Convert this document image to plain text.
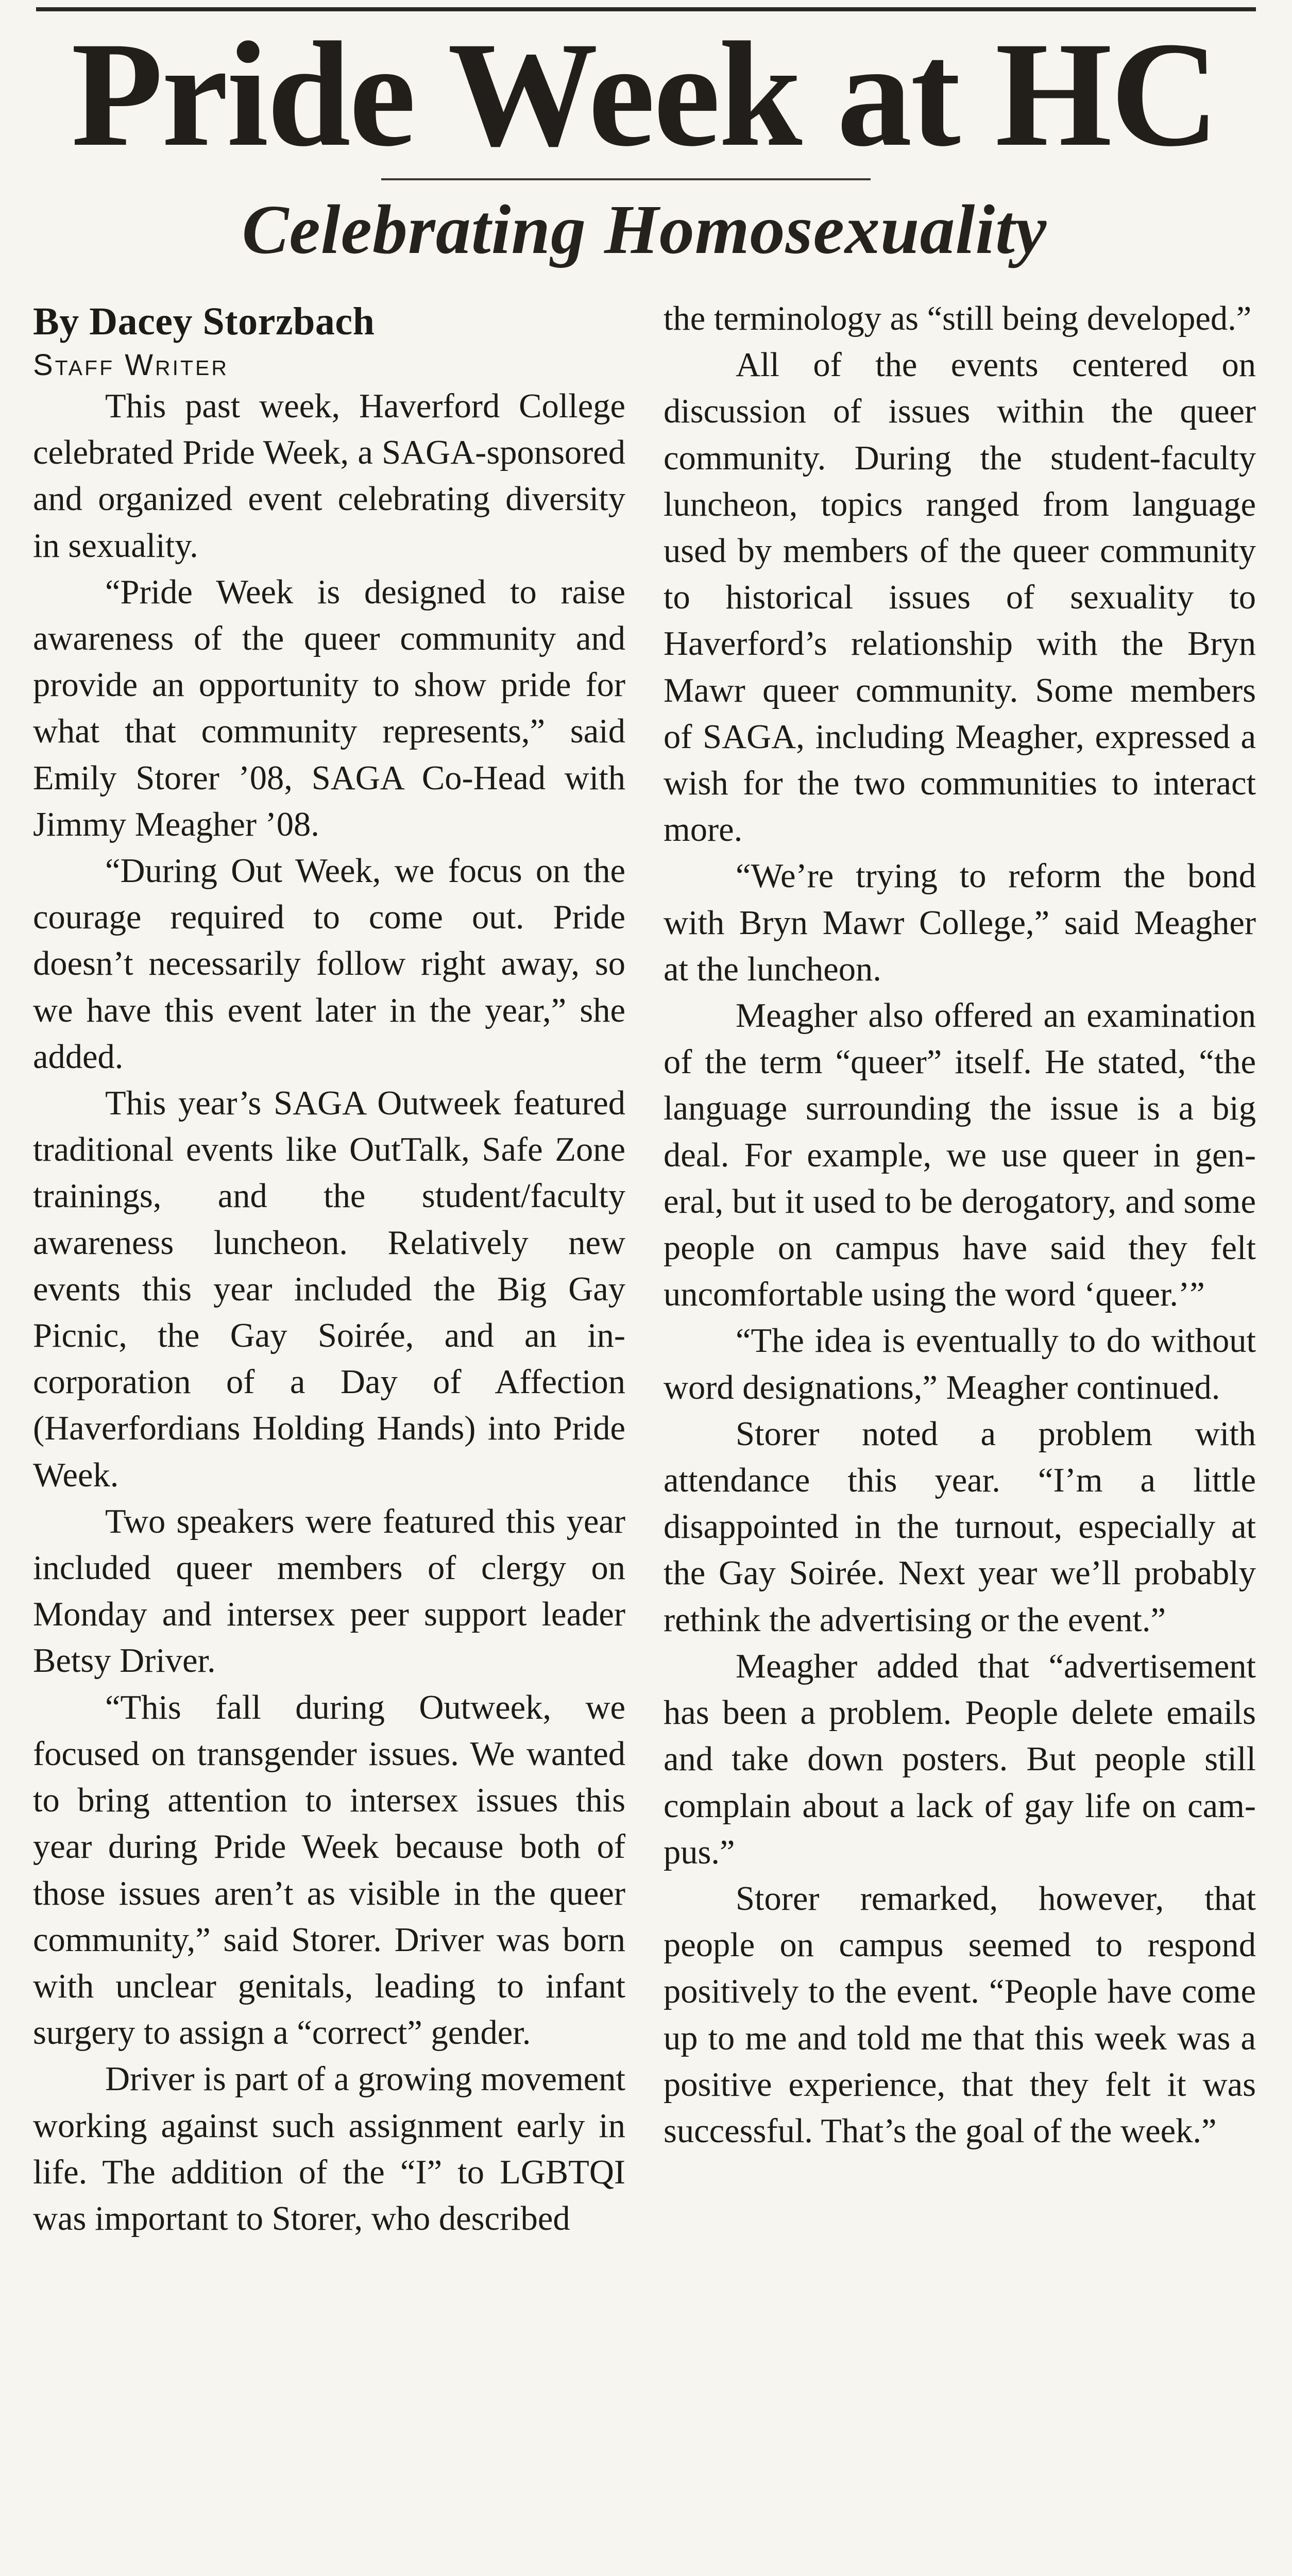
Pride Week at HC
Celebrating Homosexuality

By Dacey Storzbach

Staff Writer

This past week, Haverford College celebrated Pride Week, a SAGA-sponsored and organized event celebrating diversity in sexuality.

“Pride Week is designed to raise awareness of the queer community and provide an opportunity to show pride for what that community represents,” said Emily Storer ’08, SAGA Co-Head with Jimmy Meagher ’08.

“During Out Week, we focus on the courage required to come out. Pride doesn’t necessarily follow right away, so we have this event later in the year,” she added.

This year’s SAGA Outweek featured traditional events like OutTalk, Safe Zone trainings, and the student/faculty awareness luncheon. Relatively new events this year included the Big Gay Picnic, the Gay Soirée, and an incorporation of a Day of Affection (Haverfordians Holding Hands) into Pride Week.

Two speakers were featured this year included queer members of clergy on Monday and intersex peer support leader Betsy Driver.

“This fall during Outweek, we focused on transgender issues. We wanted to bring attention to intersex issues this year during Pride Week because both of those issues aren’t as visible in the queer community,” said Storer. Driver was born with unclear genitals, leading to infant surgery to assign a “correct” gender.

Driver is part of a growing movement working against such assignment early in life. The addition of the “I” to LGBTQI was important to Storer, who described

the terminology as “still being developed.”

All of the events centered on discussion of issues within the queer community. During the student-faculty luncheon, topics ranged from language used by members of the queer community to historical issues of sexuality to Haverford’s relationship with the Bryn Mawr queer community. Some members of SAGA, including Meagher, expressed a wish for the two communities to interact more.

“We’re trying to reform the bond with Bryn Mawr College,” said Meagher at the luncheon.

Meagher also offered an examination of the term “queer” itself. He stated, “the language surrounding the issue is a big deal. For example, we use queer in general, but it used to be derogatory, and some people on campus have said they felt uncomfortable using the word ‘queer.’”

“The idea is eventually to do without word designations,” Meagher continued.

Storer noted a problem with attendance this year. “I’m a little disappointed in the turnout, especially at the Gay Soirée. Next year we’ll probably rethink the advertising or the event.”

Meagher added that “advertisement has been a problem. People delete emails and take down posters. But people still complain about a lack of gay life on campus.”

Storer remarked, however, that people on campus seemed to respond positively to the event. “People have come up to me and told me that this week was a positive experience, that they felt it was successful. That’s the goal of the week.”
